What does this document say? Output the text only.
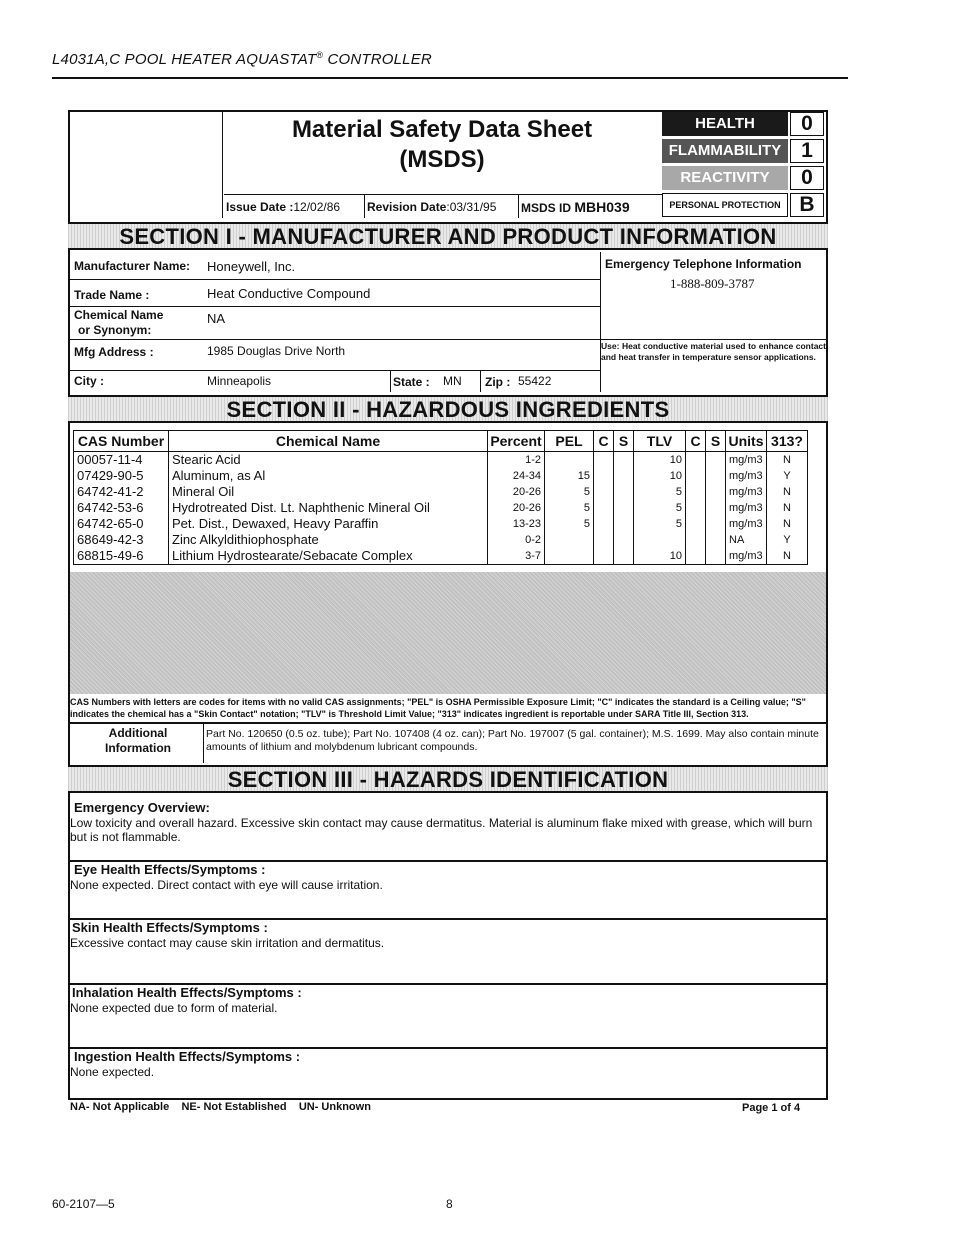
L4031A,C POOL HEATER AQUASTAT® CONTROLLER
Material Safety Data Sheet
(MSDS)
Issue Date :12/02/86	Revision Date:03/31/95	MSDS ID MBH039
HEALTH	0
FLAMMABILITY 1
REACTIVITY	0
PERSONAL PROTECTION B
SECTION I - MANUFACTURER AND PRODUCT INFORMATION
Manufacturer Name: Honeywell, Inc.
Trade Name :	Heat Conductive Compound
Chemical Name
or Synonym:
NA
Mfg Address :	1985 Douglas Drive North
City :	Minneapolis	State : MN Zip : 55422
Emergency Telephone Information
1-888-809-3787
Use: Heat conductive material used to enhance contact and heat transfer in temperature sensor applications.
SECTION II - HAZARDOUS INGREDIENTS
CAS Number	Chemical Name	Percent	PEL	C	S	TLV	C	S	Units	313?
00057-11-4	Stearic Acid	1-2				10			mg/m3	N
07429-90-5	Aluminum, as Al	24-34	15			10			mg/m3	Y
64742-41-2	Mineral Oil	20-26	5			5			mg/m3	N
64742-53-6	Hydrotreated Dist. Lt. Naphthenic Mineral Oil	20-26	5			5			mg/m3	N
64742-65-0	Pet. Dist., Dewaxed, Heavy Paraffin	13-23	5			5			mg/m3	N
68649-42-3	Zinc Alkyldithiophosphate	0-2							NA	Y
68815-49-6	Lithium Hydrostearate/Sebacate Complex	3-7				10			mg/m3	N
CAS Numbers with letters are codes for items with no valid CAS assignments; "PEL" is OSHA Permissible Exposure Limit; "C" indicates the standard is a Ceiling value; "S" indicates the chemical has a "Skin Contact" notation; "TLV" is Threshold Limit Value; "313" indicates ingredient is reportable under SARA Title III, Section 313.
Additional
Information
Part No. 120650 (0.5 oz. tube); Part No. 107408 (4 oz. can); Part No. 197007 (5 gal. container); M.S. 1699. May also contain minute amounts of lithium and molybdenum lubricant compounds.
SECTION III - HAZARDS IDENTIFICATION
Emergency Overview:
Low toxicity and overall hazard. Excessive skin contact may cause dermatitus. Material is aluminum flake mixed with grease, which will burn but is not flammable.
Eye Health Effects/Symptoms :
None expected. Direct contact with eye will cause irritation.
Skin Health Effects/Symptoms :
Excessive contact may cause skin irritation and dermatitus.
Inhalation Health Effects/Symptoms :
None expected due to form of material.
Ingestion Health Effects/Symptoms :
None expected.
NA- Not Applicable NE- Not Established UN- Unknown	Page 1 of 4
60-2107—5	8
